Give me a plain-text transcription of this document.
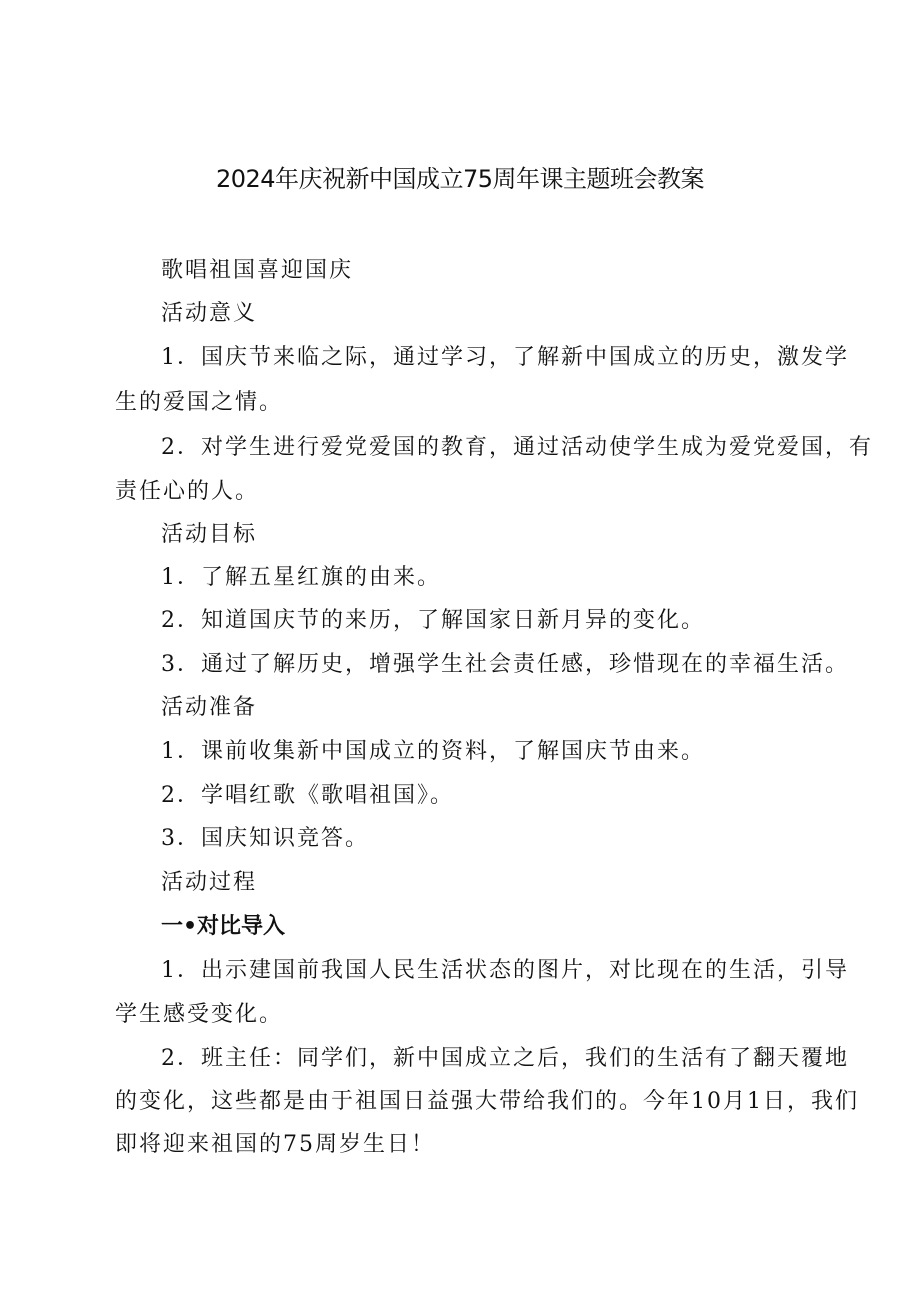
2024年庆祝新中国成立75周年课主题班会教案
歌唱祖国喜迎国庆
活动意义
1．国庆节来临之际，通过学习，了解新中国成立的历史，激发学
生的爱国之情。
2．对学生进行爱党爱国的教育，通过活动使学生成为爱党爱国，有
责任心的人。
活动目标
1．了解五星红旗的由来。
2．知道国庆节的来历，了解国家日新月异的变化。
3．通过了解历史，增强学生社会责任感，珍惜现在的幸福生活。
活动准备
1．课前收集新中国成立的资料，了解国庆节由来。
2．学唱红歌《歌唱祖国》。
3．国庆知识竞答。
活动过程
一•对比导入
1．出示建国前我国人民生活状态的图片，对比现在的生活，引导
学生感受变化。
2．班主任：同学们，新中国成立之后，我们的生活有了翻天覆地
的变化，这些都是由于祖国日益强大带给我们的。今年10月1日，我们
即将迎来祖国的75周岁生日！
